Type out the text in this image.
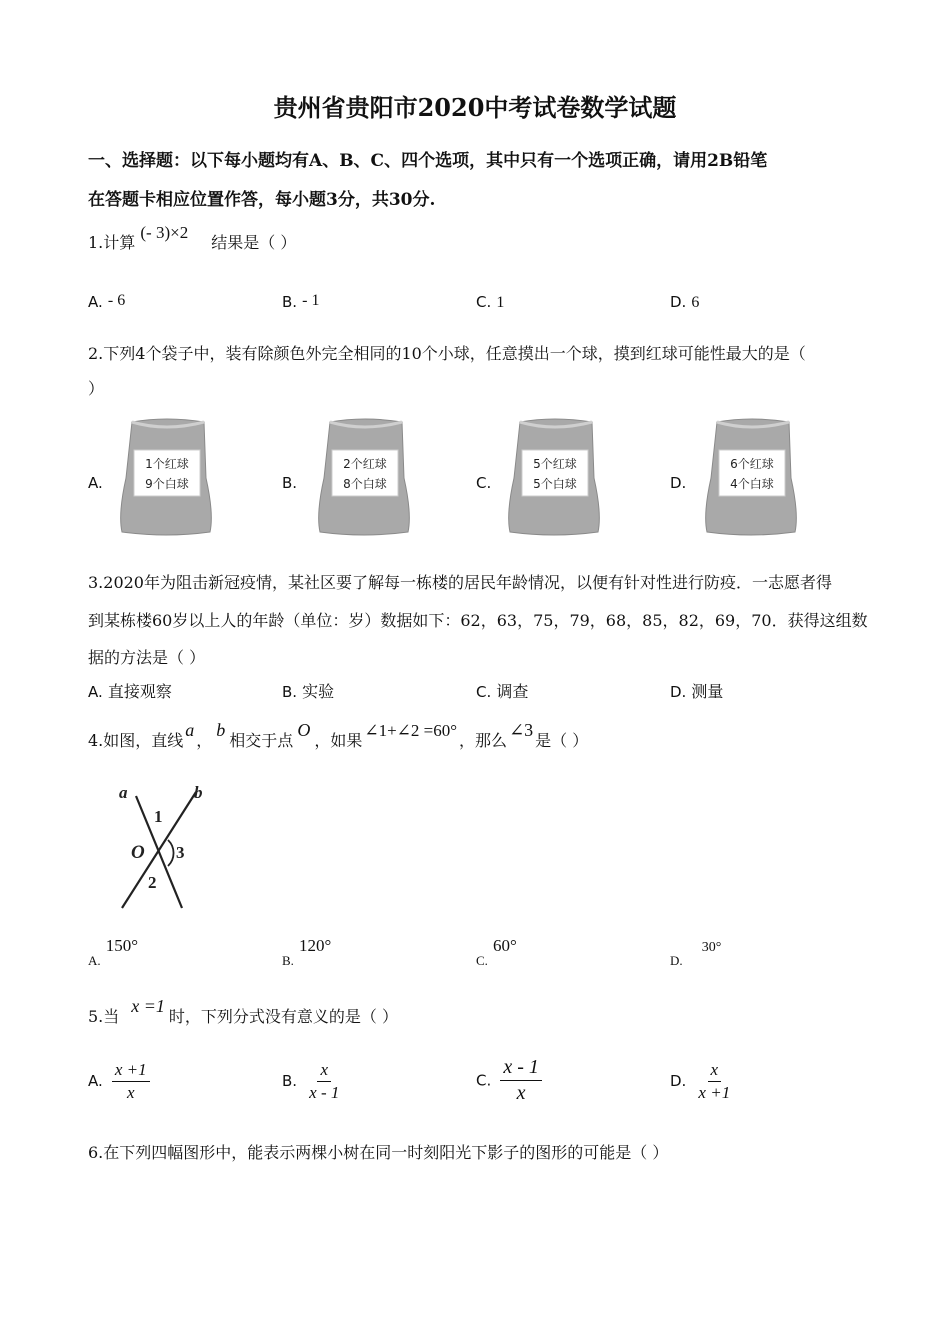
贵州省贵阳市2020中考试卷数学试题
一、选择题：以下每小题均有A、B、C、四个选项，其中只有一个选项正确，请用2B铅笔
在答题卡相应位置作答，每小题3分，共30分.
1.计算 (- 3)×2 结果是（ ）
A. - 6	B. - 1	C. 1	D. 6
2.下列4个袋子中，装有除颜色外完全相同的10个小球，任意摸出一个球，摸到红球可能性最大的是（
）
A.	B.	C.	D.
1个红球
9个白球
2个红球
8个白球
5个红球
5个白球
6个红球
4个白球
3.2020年为阻击新冠疫情，某社区要了解每一栋楼的居民年龄情况，以便有针对性进行防疫．一志愿者得
到某栋楼60岁以上人的年龄（单位：岁）数据如下：62，63，75，79，68，85，82，69，70．获得这组数
据的方法是（ ）
A. 直接观察	B. 实验	C. 调查	D. 测量
4.如图，直线a，b相交于点O，如果∠1+∠2 =60°，那么∠3是（ ）
a	b
1
O 3
2
$_{A.}$ 150°
$_{B.}$ 120°
$_{C.}$ 60°
$_{D.}$ 30°
5.当x =1时，下列分式没有意义的是（ ）
A. $\frac{x +1}{x}$	B. $\frac{x}{x - 1}$	C. $\frac{x - 1}{x}$	D. $\frac{x}{x +1}$
6.在下列四幅图形中，能表示两棵小树在同一时刻阳光下影子的图形的可能是（ ）
